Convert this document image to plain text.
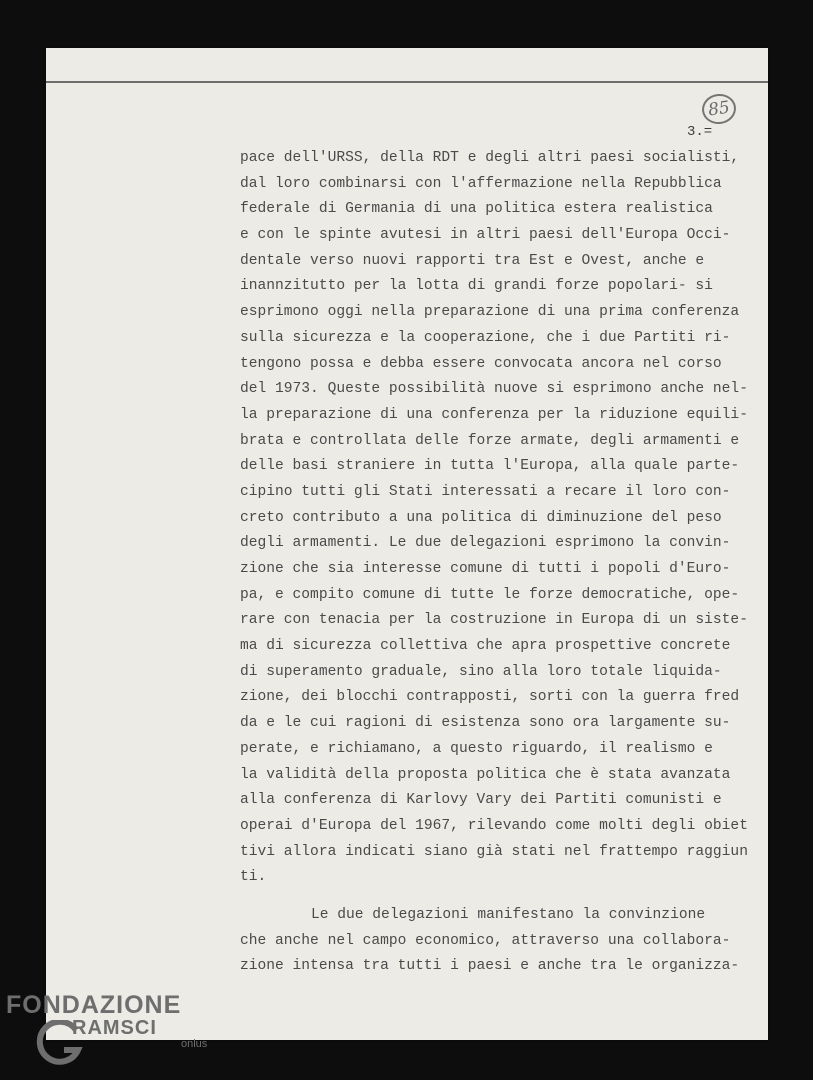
85
3.=
pace dell'URSS, della RDT e degli altri paesi socialisti,
dal loro combinarsi con l'affermazione nella Repubblica
federale di Germania di una politica estera realistica
e con le spinte avutesi in altri paesi dell'Europa Occi-
dentale verso nuovi rapporti tra Est e Ovest, anche e
inannzitutto per la lotta di grandi forze popolari- si
esprimono oggi nella preparazione di una prima conferenza
sulla sicurezza e la cooperazione, che i due Partiti ri-
tengono possa e debba essere convocata ancora nel corso
del 1973. Queste possibilità nuove si esprimono anche nel-
la preparazione di una conferenza per la riduzione equili-
brata e controllata delle forze armate, degli armamenti e
delle basi straniere in tutta l'Europa, alla quale parte-
cipino tutti gli Stati interessati a recare il loro con-
creto contributo a una politica di diminuzione del peso
degli armamenti. Le due delegazioni esprimono la convin-
zione che sia interesse comune di tutti i popoli d'Euro-
pa, e compito comune di tutte le forze democratiche, ope-
rare con tenacia per la costruzione in Europa di un siste-
ma di sicurezza collettiva che apra prospettive concrete
di superamento graduale, sino alla loro totale liquida-
zione, dei blocchi contrapposti, sorti con la guerra fred
da e le cui ragioni di esistenza sono ora largamente su-
perate, e richiamano, a questo riguardo, il realismo e
la validità della proposta politica che è stata avanzata
alla conferenza di Karlovy Vary dei Partiti comunisti e
operai d'Europa del 1967, rilevando come molti degli obiet
tivi allora indicati siano già stati nel frattempo raggiun
ti.
Le due delegazioni manifestano la convinzione
che anche nel campo economico, attraverso una collabora-
zione intensa tra tutti i paesi e anche tra le organizza-
FONDAZIONE
RAMSCI
onlus
